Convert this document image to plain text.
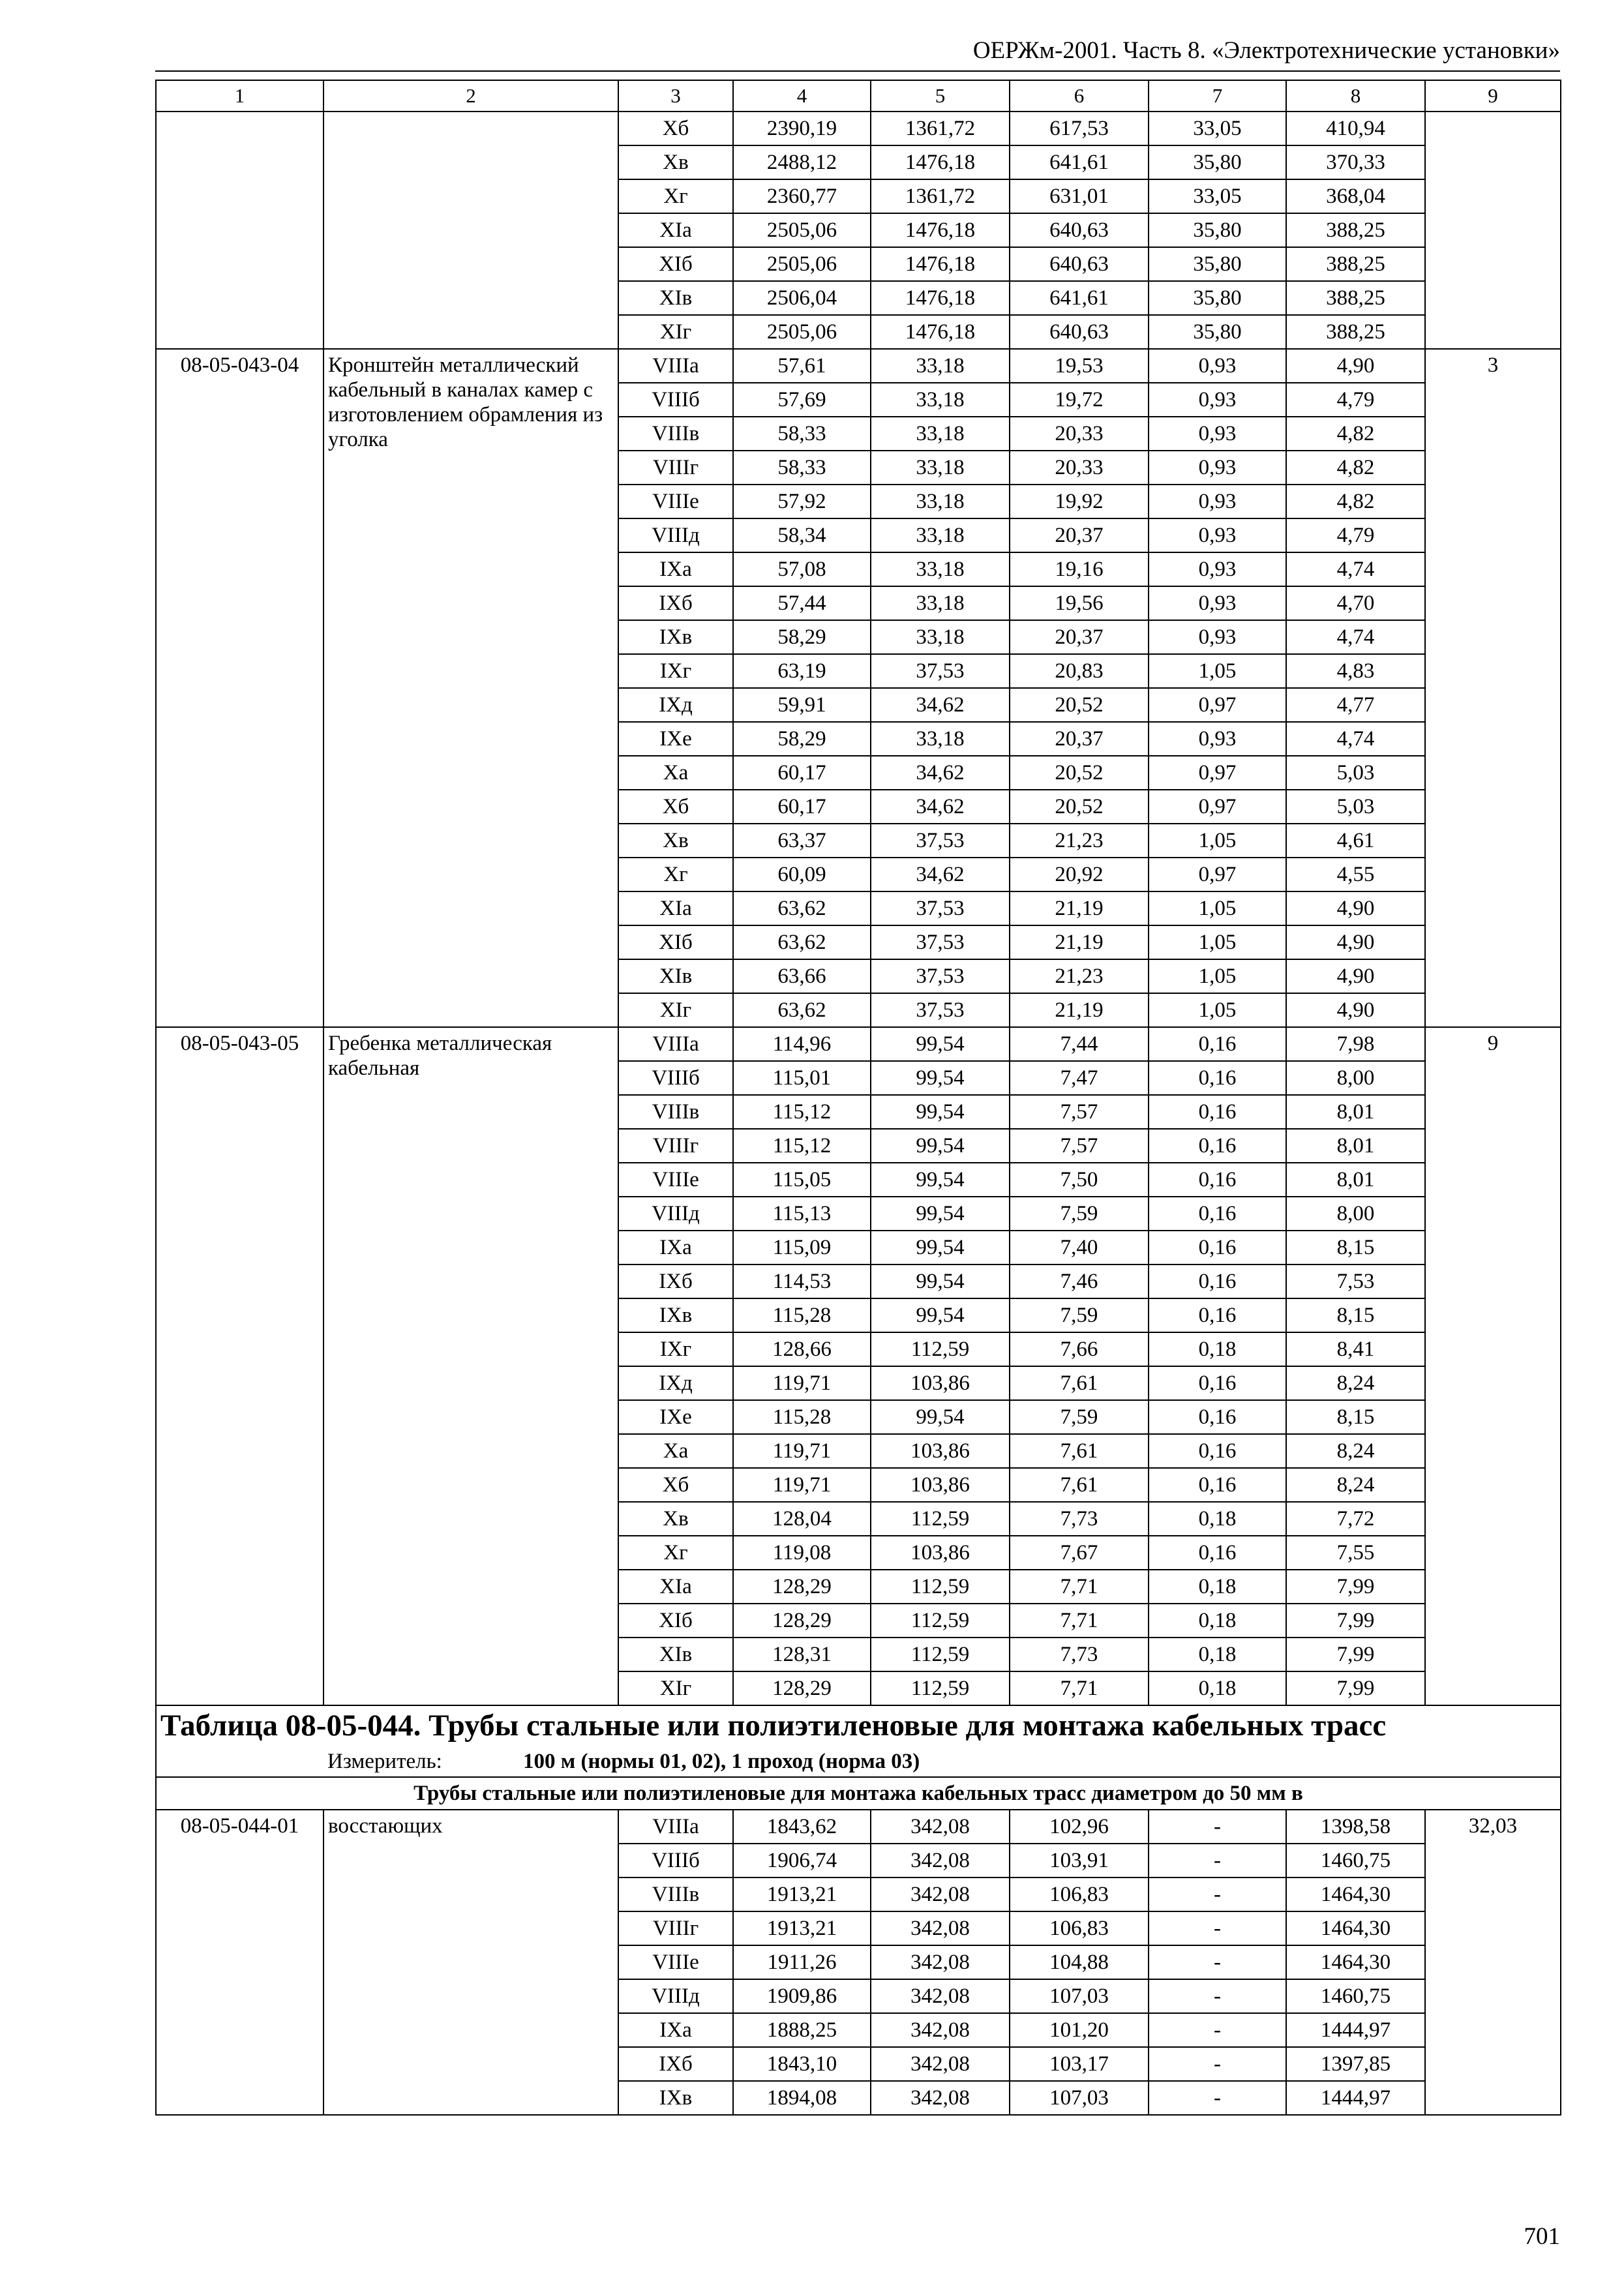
ОЕРЖм-2001. Часть 8. «Электротехнические установки»
1	2	3	4	5	6	7	8	9
		Хб	2390,19	1361,72	617,53	33,05	410,94	
		Хв	2488,12	1476,18	641,61	35,80	370,33	
		Хг	2360,77	1361,72	631,01	33,05	368,04	
		XIа	2505,06	1476,18	640,63	35,80	388,25	
		XIб	2505,06	1476,18	640,63	35,80	388,25	
		XIв	2506,04	1476,18	641,61	35,80	388,25	
		XIг	2505,06	1476,18	640,63	35,80	388,25	
08-05-043-04	Кронштейн металлический кабельный в каналах камер с изготовлением обрамления из уголка	VIIIа	57,61	33,18	19,53	0,93	4,90	3
		VIIIб	57,69	33,18	19,72	0,93	4,79	
		VIIIв	58,33	33,18	20,33	0,93	4,82	
		VIIIг	58,33	33,18	20,33	0,93	4,82	
		VIIIе	57,92	33,18	19,92	0,93	4,82	
		VIIIд	58,34	33,18	20,37	0,93	4,79	
		IXа	57,08	33,18	19,16	0,93	4,74	
		IXб	57,44	33,18	19,56	0,93	4,70	
		IXв	58,29	33,18	20,37	0,93	4,74	
		IXг	63,19	37,53	20,83	1,05	4,83	
		IXд	59,91	34,62	20,52	0,97	4,77	
		IXе	58,29	33,18	20,37	0,93	4,74	
		Ха	60,17	34,62	20,52	0,97	5,03	
		Хб	60,17	34,62	20,52	0,97	5,03	
		Хв	63,37	37,53	21,23	1,05	4,61	
		Хг	60,09	34,62	20,92	0,97	4,55	
		XIа	63,62	37,53	21,19	1,05	4,90	
		XIб	63,62	37,53	21,19	1,05	4,90	
		XIв	63,66	37,53	21,23	1,05	4,90	
		XIг	63,62	37,53	21,19	1,05	4,90	
08-05-043-05	Гребенка металлическая кабельная	VIIIа	114,96	99,54	7,44	0,16	7,98	9
		VIIIб	115,01	99,54	7,47	0,16	8,00	
		VIIIв	115,12	99,54	7,57	0,16	8,01	
		VIIIг	115,12	99,54	7,57	0,16	8,01	
		VIIIе	115,05	99,54	7,50	0,16	8,01	
		VIIIд	115,13	99,54	7,59	0,16	8,00	
		IXа	115,09	99,54	7,40	0,16	8,15	
		IXб	114,53	99,54	7,46	0,16	7,53	
		IXв	115,28	99,54	7,59	0,16	8,15	
		IXг	128,66	112,59	7,66	0,18	8,41	
		IXд	119,71	103,86	7,61	0,16	8,24	
		IXе	115,28	99,54	7,59	0,16	8,15	
		Ха	119,71	103,86	7,61	0,16	8,24	
		Хб	119,71	103,86	7,61	0,16	8,24	
		Хв	128,04	112,59	7,73	0,18	7,72	
		Хг	119,08	103,86	7,67	0,16	7,55	
		XIа	128,29	112,59	7,71	0,18	7,99	
		XIб	128,29	112,59	7,71	0,18	7,99	
		XIв	128,31	112,59	7,73	0,18	7,99	
		XIг	128,29	112,59	7,71	0,18	7,99	
Таблица 08-05-044. Трубы стальные или полиэтиленовые для монтажа кабельных трасс								
Измеритель: 100 м (нормы 01, 02), 1 проход (норма 03)								
Трубы стальные или полиэтиленовые для монтажа кабельных трасс диаметром до 50 мм в								
08-05-044-01	восстающих	VIIIа	1843,62	342,08	102,96	-	1398,58	32,03
		VIIIб	1906,74	342,08	103,91	-	1460,75	
		VIIIв	1913,21	342,08	106,83	-	1464,30	
		VIIIг	1913,21	342,08	106,83	-	1464,30	
		VIIIе	1911,26	342,08	104,88	-	1464,30	
		VIIIд	1909,86	342,08	107,03	-	1460,75	
		IXа	1888,25	342,08	101,20	-	1444,97	
		IXб	1843,10	342,08	103,17	-	1397,85	
		IXв	1894,08	342,08	107,03	-	1444,97	
701
